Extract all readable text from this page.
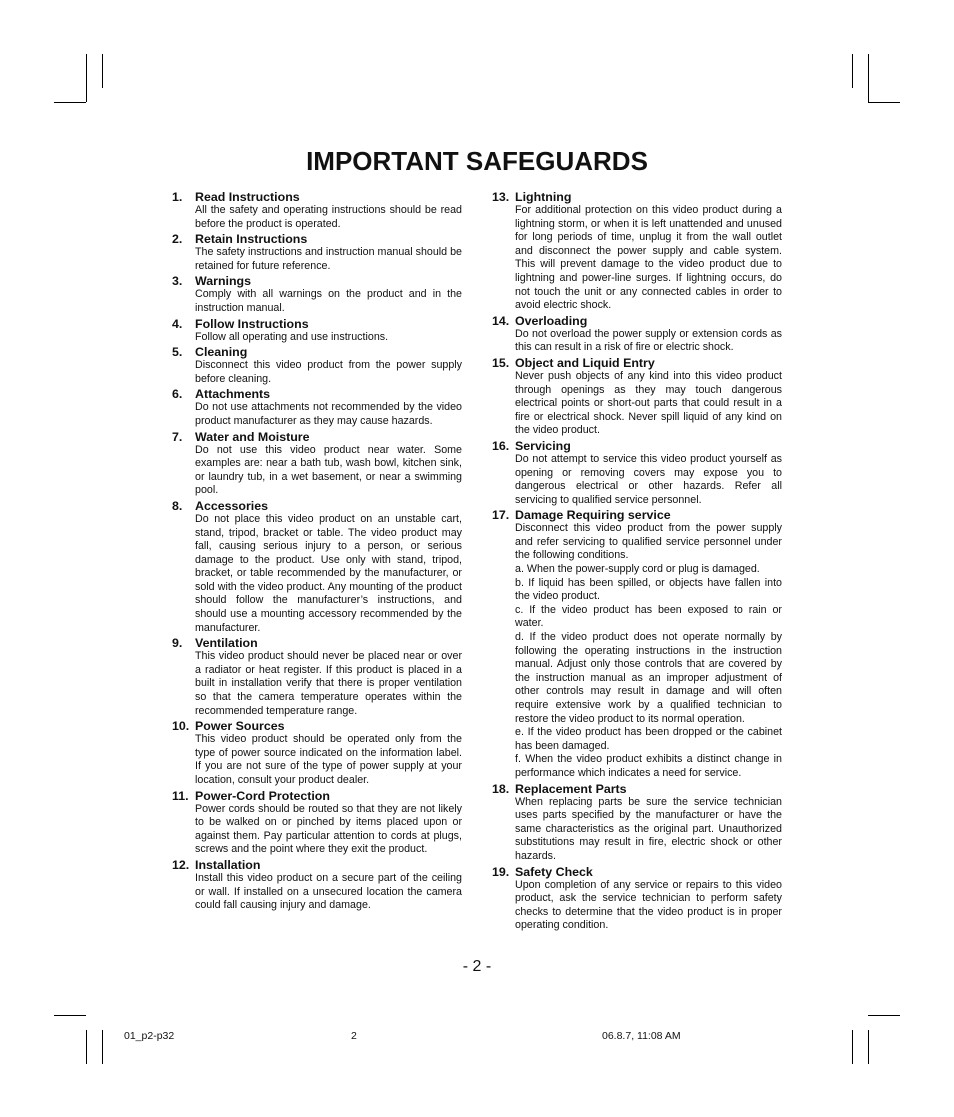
IMPORTANT SAFEGUARDS
1.	Read Instructions

All the safety and operating instructions should be read before the product is operated.

2.	Retain Instructions

The safety instructions and instruction manual should be retained for future reference.

3.	Warnings

Comply with all warnings on the product and in the instruction manual.

4.	Follow Instructions

Follow all operating and use instructions.

5.	Cleaning

Disconnect this video product from the power supply before cleaning.

6.	Attachments

Do not use attachments not recommended by the video product manufacturer as they may cause hazards.

7.	Water and Moisture

Do not use this video product near water. Some examples are: near a bath tub, wash bowl, kitchen sink, or laundry tub, in a wet basement, or near a swimming pool.

8.	Accessories

Do not place this video product on an unstable cart, stand, tripod, bracket or table. The video product may fall, causing serious injury to a person, or serious damage to the product. Use only with stand, tripod, bracket, or table recommended by the manufacturer, or sold with the video product. Any mounting of the product should follow the manufacturer’s instructions, and should use a mounting accessory recommended by the manufacturer.

9.	Ventilation

This video product should never be placed near or over a radiator or heat register. If this product is placed in a built in installation verify that there is proper ventilation so that the camera temperature operates within the recommended temperature range.

10. Power Sources

This video product should be operated only from the type of power source indicated on the information label. If you are not sure of the type of power supply at your location, consult your product dealer.

11. Power-Cord Protection

Power cords should be routed so that they are not likely to be walked on or pinched by items placed upon or against them. Pay particular attention to cords at plugs, screws and the point where they exit the product.

12. Installation

Install this video product on a secure part of the ceiling or wall. If installed on a unsecured location the camera could fall causing injury and damage.

13. Lightning

For additional protection on this video product during a lightning storm, or when it is left unattended and unused for long periods of time, unplug it from the wall outlet and disconnect the power supply and cable system. This will prevent damage to the video product due to lightning and power-line surges. If lightning occurs, do not touch the unit or any connected cables in order to avoid electric shock.

14. Overloading

Do not overload the power supply or extension cords as this can result in a risk of fire or electric shock.

15. Object and Liquid Entry

Never push objects of any kind into this video product through openings as they may touch dangerous electrical points or short-out parts that could result in a fire or electrical shock. Never spill liquid of any kind on the video product.

16. Servicing

Do not attempt to service this video product yourself as opening or removing covers may expose you to dangerous electrical or other hazards. Refer all servicing to qualified service personnel.

17. Damage Requiring service

Disconnect this video product from the power supply and refer servicing to qualified service personnel under the following conditions.

a. When the power-supply cord or plug is damaged.

b. If liquid has been spilled, or objects have fallen into the video product.

c. If the video product has been exposed to rain or water.

d. If the video product does not operate normally by following the operating instructions in the instruction manual. Adjust only those controls that are covered by the instruction manual as an improper adjustment of other controls may result in damage and will often require extensive work by a qualified technician to restore the video product to its normal operation.

e. If the video product has been dropped or the cabinet has been damaged.

f. When the video product exhibits a distinct change in performance which indicates a need for service.

18. Replacement Parts

When replacing parts be sure the service technician uses parts specified by the manufacturer or have the same characteristics as the original part. Unauthorized substitutions may result in fire, electric shock or other hazards.

19. Safety Check

Upon completion of any service or repairs to this video product, ask the service technician to perform safety checks to determine that the video product is in proper operating condition.

- 2 -
01_p2-p32	2	06.8.7, 11:08 AM
